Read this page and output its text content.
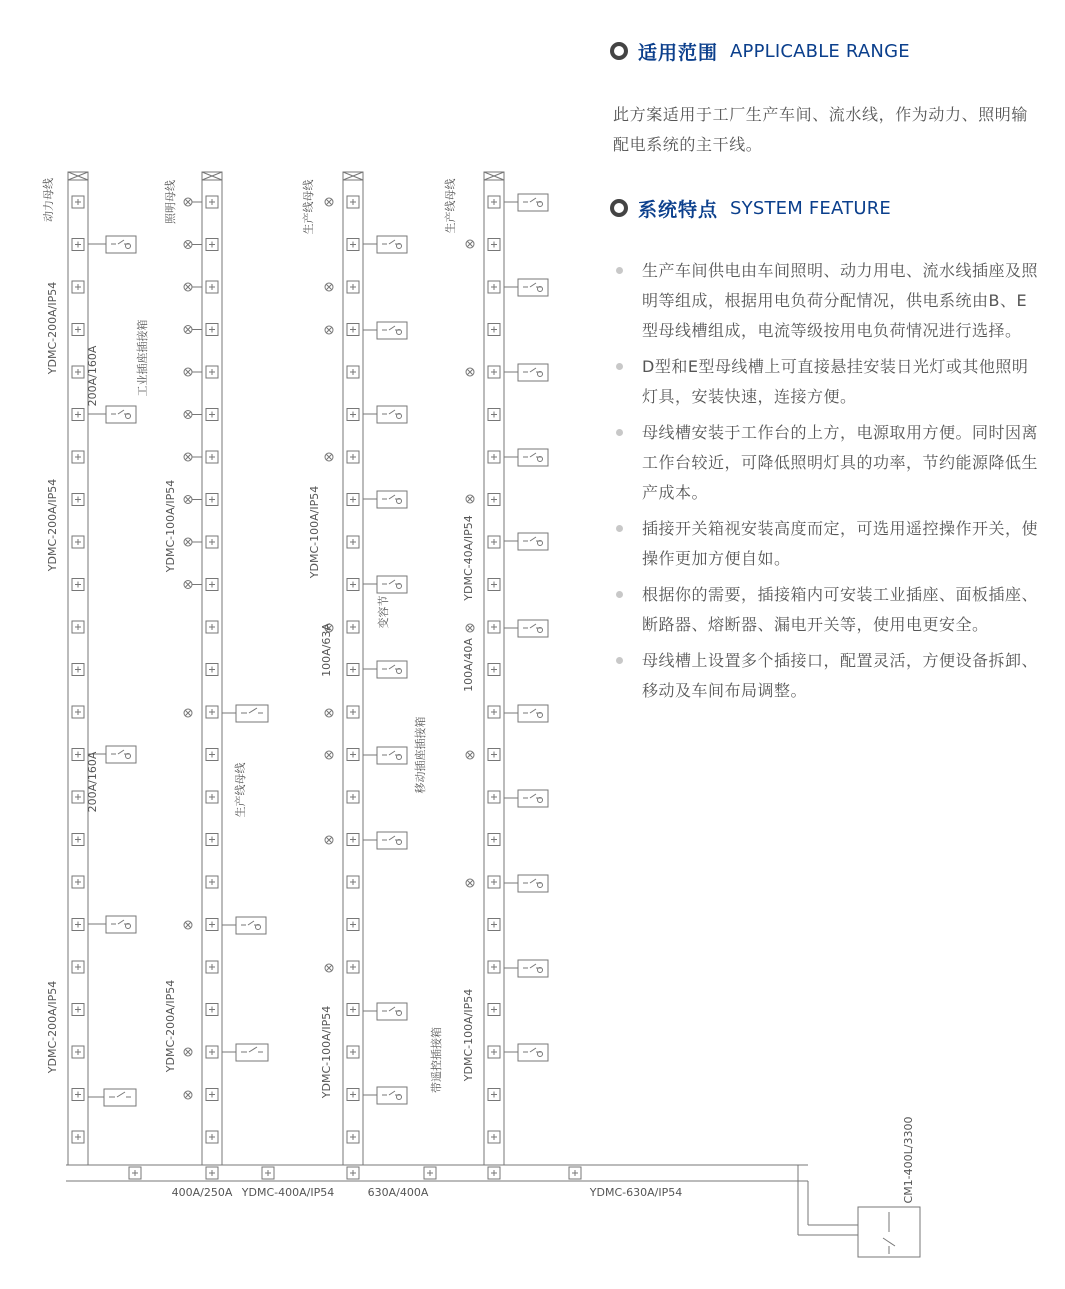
动力母线
YDMC-200A/IP54
YDMC-200A/IP54
YDMC-200A/IP54
200A/160A
200A/160A
工业插座插接箱
照明母线
YDMC-100A/IP54
YDMC-200A/IP54
生产线母线
生产线母线
YDMC-100A/IP54
YDMC-100A/IP54
100A/63A
变容节
移动插座插接箱
生产线母线
YDMC-40A/IP54
YDMC-100A/IP54
100A/40A
带遥控插接箱
400A/250A YDMC-400A/IP54	630A/400A	YDMC-630A/IP54	CM1-400L/3300
适用范围 APPLICABLE RANGE
此方案适用于工厂生产车间、流水线，作为动力、照明输配电系统的主干线。
系统特点 SYSTEM FEATURE
生产车间供电由车间照明、动力用电、流水线插座及照明等组成，根据用电负荷分配情况，供电系统由B、E型母线槽组成，电流等级按用电负荷情况进行选择。
D型和E型母线槽上可直接悬挂安装日光灯或其他照明灯具，安装快速，连接方便。
母线槽安装于工作台的上方，电源取用方便。同时因离工作台较近，可降低照明灯具的功率，节约能源降低生产成本。
插接开关箱视安装高度而定，可选用遥控操作开关，使操作更加方便自如。
根据你的需要，插接箱内可安装工业插座、面板插座、断路器、熔断器、漏电开关等，使用电更安全。
母线槽上设置多个插接口，配置灵活，方便设备拆卸、移动及车间布局调整。
